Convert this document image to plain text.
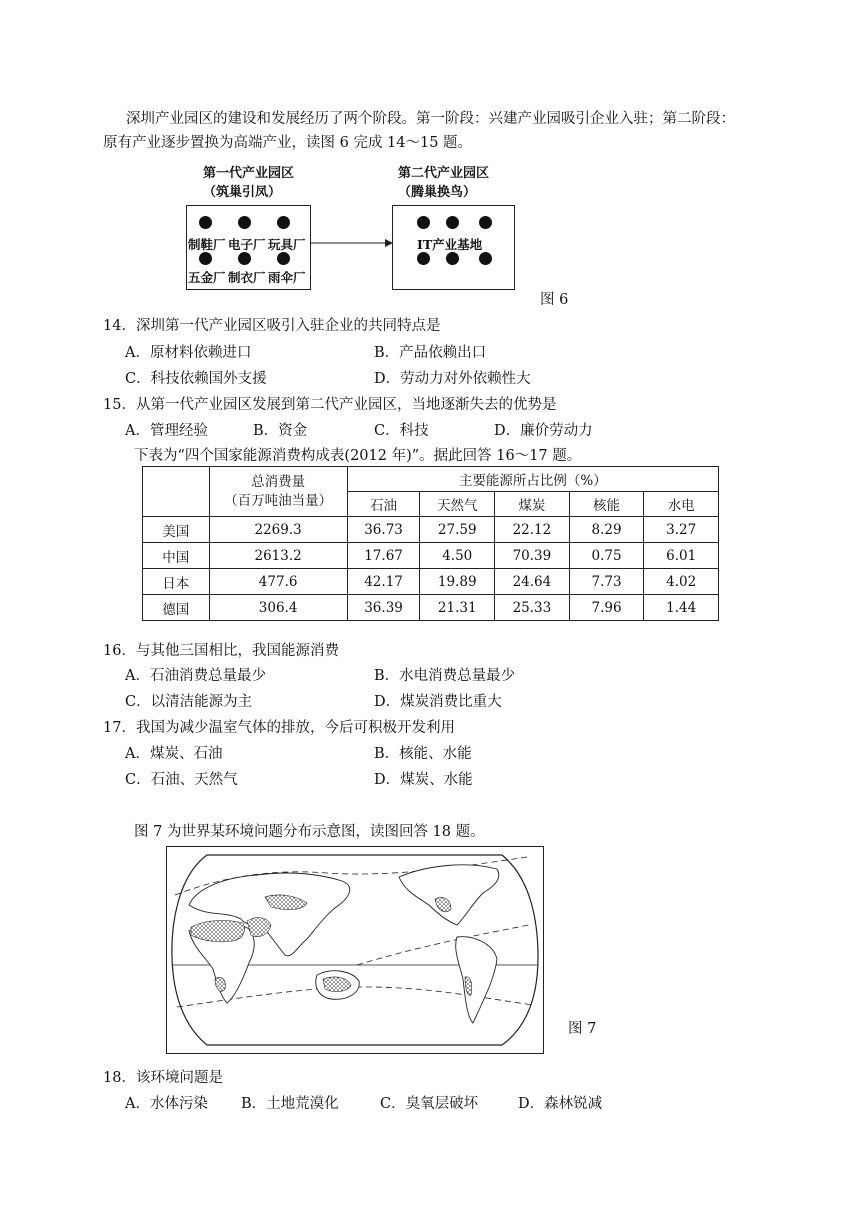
深圳产业园区的建设和发展经历了两个阶段。第一阶段：兴建产业园吸引企业入驻；第二阶段：
原有产业逐步置换为高端产业，读图 6 完成 14～15 题。
第一代产业园区
（筑巢引凤）
第二代产业园区
（腾巢换鸟）
制鞋厂 电子厂 玩具厂
五金厂 制衣厂 雨伞厂
IT产业基地
图 6
14．深圳第一代产业园区吸引入驻企业的共同特点是
A．原材料依赖进口	B．产品依赖出口
C．科技依赖国外支援	D．劳动力对外依赖性大
15．从第一代产业园区发展到第二代产业园区，当地逐渐失去的优势是
A．管理经验	B．资金	C．科技	D．廉价劳动力
下表为“四个国家能源消费构成表(2012 年)”。据此回答 16～17 题。

	总消费量
（百万吨油当量）	主要能源所占比例（%）				
		石油	天然气	煤炭	核能	水电
美国	2269.3	36.73	27.59	22.12	8.29	3.27
中国	2613.2	17.67	4.50	70.39	0.75	6.01
日本	477.6	42.17	19.89	24.64	7.73	4.02
德国	306.4	36.39	21.31	25.33	7.96	1.44
16．与其他三国相比，我国能源消费
A．石油消费总量最少	B．水电消费总量最少
C．以清洁能源为主	D．煤炭消费比重大
17．我国为减少温室气体的排放，今后可积极开发利用
A．煤炭、石油	B．核能、水能
C．石油、天然气	D．煤炭、水能
图 7 为世界某环境问题分布示意图，读图回答 18 题。
图 7
18．该环境问题是
A．水体污染 B．土地荒漠化	C．臭氧层破坏	D．森林锐减
